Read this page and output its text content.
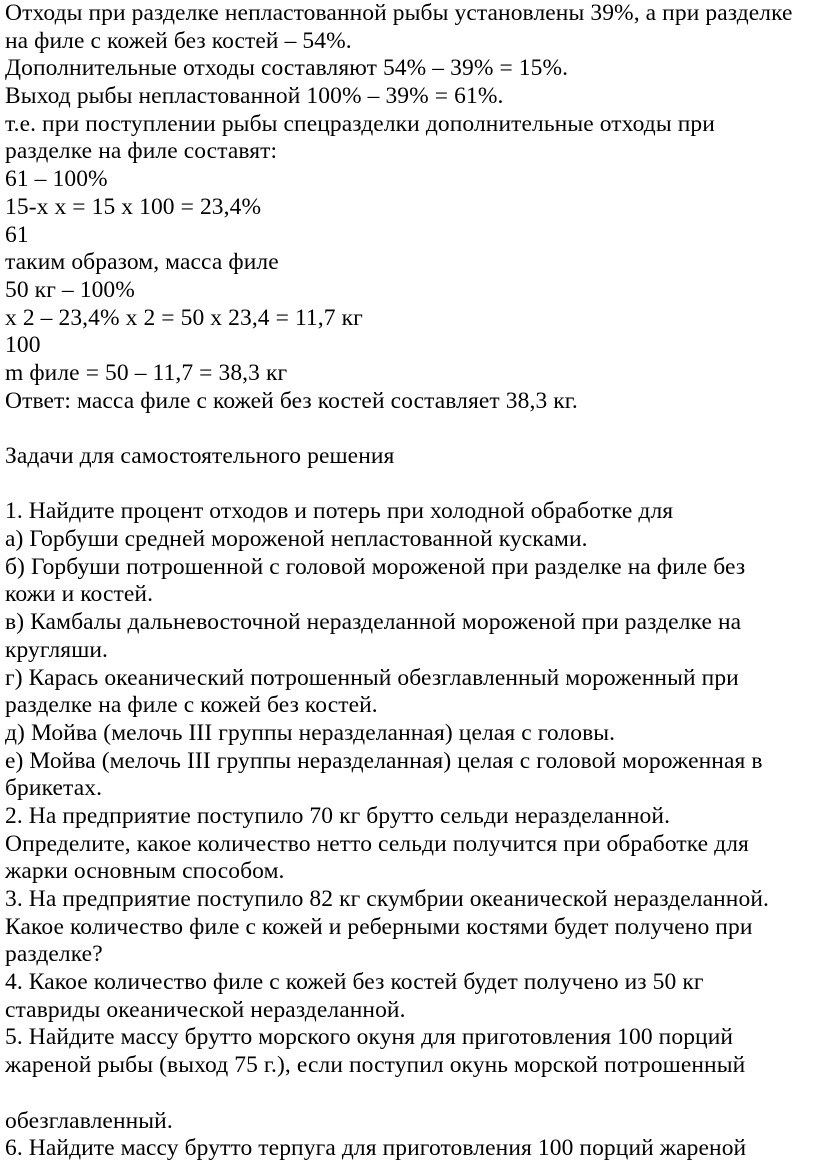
Отходы при разделке непластованной рыбы установлены 39%, а при разделке
на филе с кожей без костей – 54%.
Дополнительные отходы составляют 54% – 39% = 15%.
Выход рыбы непластованной 100% – 39% = 61%.
т.е. при поступлении рыбы спецразделки дополнительные отходы при
разделке на филе составят:
61 – 100%
15-х х = 15 х 100 = 23,4%
61
таким образом, масса филе
50 кг – 100%
х 2 – 23,4% х 2 = 50 х 23,4 = 11,7 кг
100
m филе = 50 – 11,7 = 38,3 кг
Ответ: масса филе с кожей без костей составляет 38,3 кг.
Задачи для самостоятельного решения
1. Найдите процент отходов и потерь при холодной обработке для
а) Горбуши средней мороженой непластованной кусками.
б) Горбуши потрошенной с головой мороженой при разделке на филе без
кожи и костей.
в) Камбалы дальневосточной неразделанной мороженой при разделке на
кругляши.
г) Карась океанический потрошенный обезглавленный мороженный при
разделке на филе с кожей без костей.
д) Мойва (мелочь III группы неразделанная) целая с головы.
е) Мойва (мелочь III группы неразделанная) целая с головой мороженная в
брикетах.
2. На предприятие поступило 70 кг брутто сельди неразделанной.
Определите, какое количество нетто сельди получится при обработке для
жарки основным способом.
3. На предприятие поступило 82 кг скумбрии океанической неразделанной.
Какое количество филе с кожей и реберными костями будет получено при
разделке?
4. Какое количество филе с кожей без костей будет получено из 50 кг
ставриды океанической неразделанной.
5. Найдите массу брутто морского окуня для приготовления 100 порций
жареной рыбы (выход 75 г.), если поступил окунь морской потрошенный
обезглавленный.
6. Найдите массу брутто терпуга для приготовления 100 порций жареной
